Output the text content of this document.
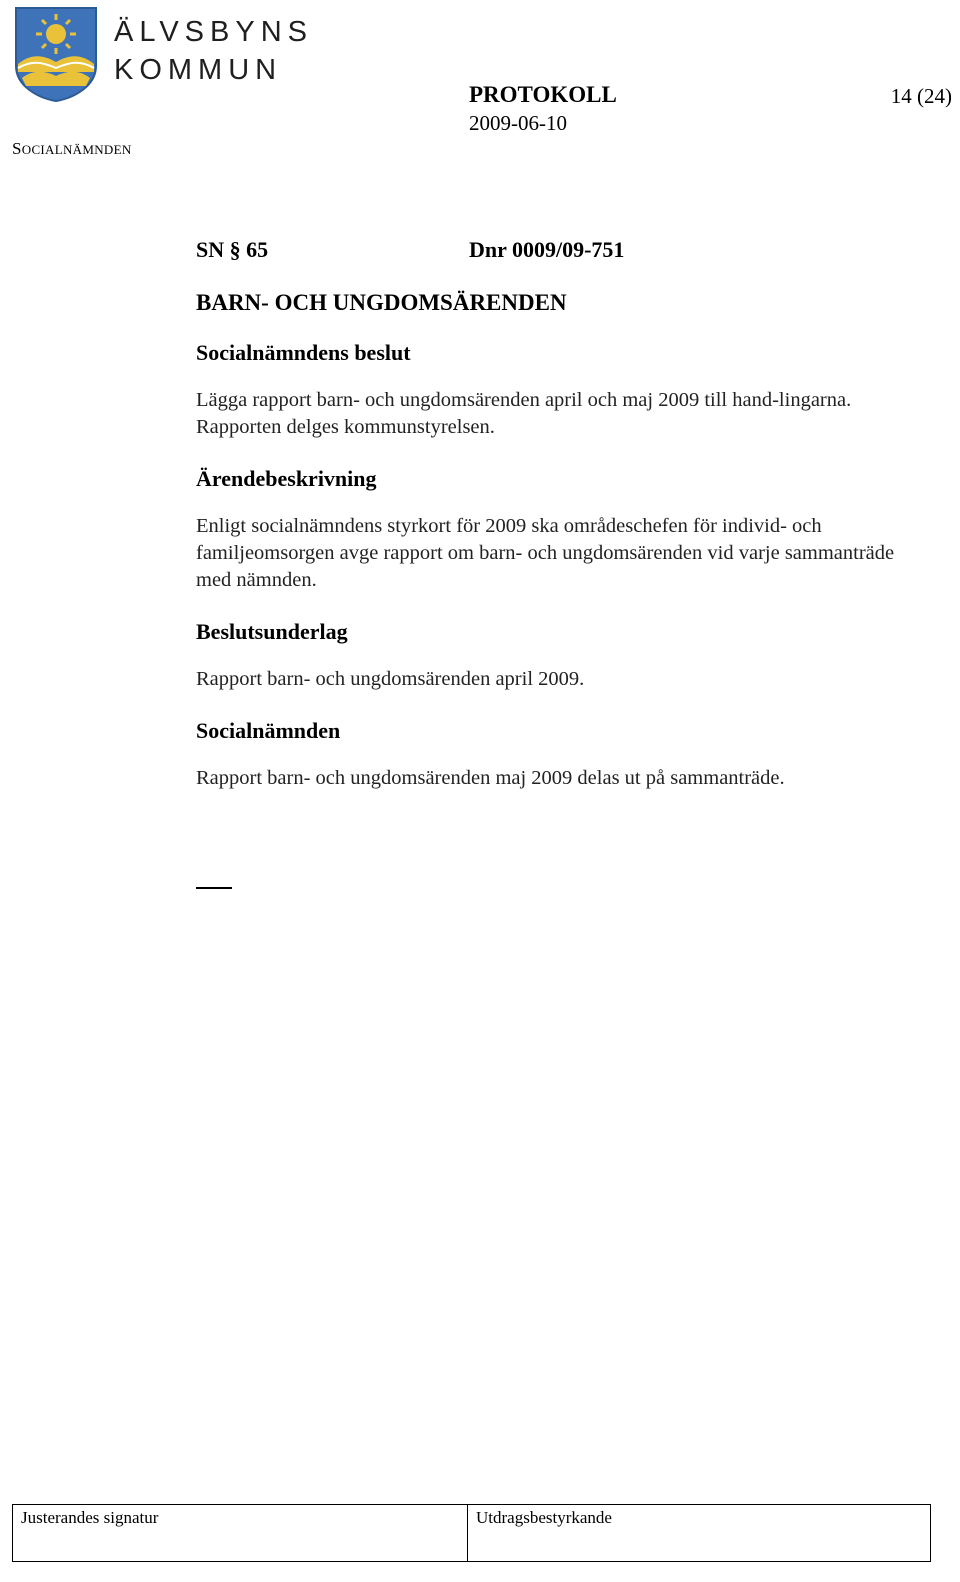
ÄLVSBYNS
KOMMUN
SOCIALNÄMNDEN
PROTOKOLL
2009-06-10
14 (24)
SN § 65	Dnr 0009/09-751
BARN- OCH UNGDOMSÄRENDEN
Socialnämndens beslut
Lägga rapport barn- och ungdomsärenden april och maj 2009 till hand-lingarna. Rapporten delges kommunstyrelsen.
Ärendebeskrivning
Enligt socialnämndens styrkort för 2009 ska områdeschefen för individ- och familjeomsorgen avge rapport om barn- och ungdomsärenden vid varje sammanträde med nämnden.
Beslutsunderlag
Rapport barn- och ungdomsärenden april 2009.
Socialnämnden
Rapport barn- och ungdomsärenden maj 2009 delas ut på sammanträde.
Justerandes signatur	Utdragsbestyrkande
